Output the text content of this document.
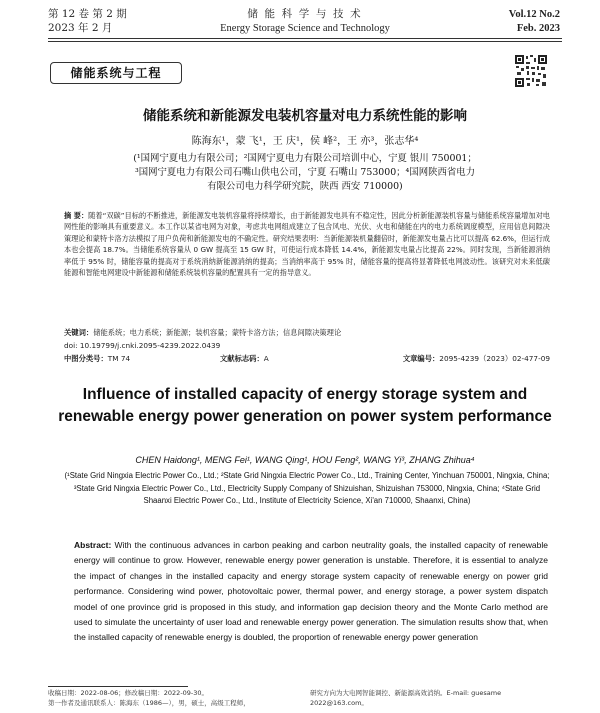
第 12 卷 第 2 期
2023 年 2 月
储 能 科 学 与 技 术
Energy Storage Science and Technology
Vol.12 No.2
Feb. 2023
储能系统与工程
储能系统和新能源发电装机容量对电力系统性能的影响
陈海东¹，蒙 飞¹，王 庆¹，侯 峰²，王 亦³，张志华⁴
(¹国网宁夏电力有限公司；²国网宁夏电力有限公司培训中心，宁夏 银川 750001；
³国网宁夏电力有限公司石嘴山供电公司，宁夏 石嘴山 753000；⁴国网陕西省电力
有限公司电力科学研究院，陕西 西安 710000)
摘 要：随着“双碳”目标的不断推进，新能源发电装机容量将持续增长，由于新能源发电具有不稳定性，因此分析新能源装机容量与储能系统容量增加对电网性能的影响具有重要意义。本工作以某省电网为对象，考虑共电网组成建立了包含风电、光伏、火电和储能在内的电力系统调度模型，应用信息间隙决策理论和蒙特卡洛方法模拟了用户负荷和新能源发电的不确定性。研究结果表明：当新能源装机量翻倍时，新能源发电量占比可以提高 62.6%，但运行成本也会提高 18.7%。当储能系统容量从 0 GW 提高至 15 GW 时，可使运行成本降低 14.4%，新能源发电量占比提高 22%。同时发现，当新能源消纳率低于 95% 时，储能容量的提高对于系统消纳新能源消纳的提高；当消纳率高于 95% 时，储能容量的提高将显著降低电网波动性。该研究对未来低碳能源和智能电网建设中新能源和储能系统装机容量的配置具有一定的指导意义。
关键词：储能系统；电力系统；新能源；装机容量；蒙特卡洛方法；信息间隙决策理论
doi: 10.19799/j.cnki.2095-4239.2022.0439
中图分类号：TM 74	文献标志码：A	文章编号：2095-4239（2023）02-477-09
Influence of installed capacity of energy storage system and renewable energy power generation on power system performance
CHEN Haidong¹, MENG Fei¹, WANG Qing¹, HOU Feng², WANG Yi³, ZHANG Zhihua⁴
(¹State Grid Ningxia Electric Power Co., Ltd.; ²State Grid Ningxia Electric Power Co., Ltd., Training Center, Yinchuan 750001, Ningxia, China; ³State Grid Ningxia Electric Power Co., Ltd., Electricity Supply Company of Shizuishan, Shizuishan 753000, Ningxia, China; ⁴State Grid Shaanxi Electric Power Co., Ltd., Institute of Electricity Science, Xi'an 710000, Shaanxi, China)
Abstract: With the continuous advances in carbon peaking and carbon neutrality goals, the installed capacity of renewable energy will continue to grow. However, renewable energy power generation is unstable. Therefore, it is essential to analyze the impact of changes in the installed capacity and energy storage system capacity of renewable energy on power grid performance. Considering wind power, photovoltaic power, thermal power, and energy storage, a power system dispatch model of one province grid is proposed in this study, and information gap decision theory and the Monte Carlo method are used to simulate the uncertainty of user load and renewable energy power generation. The simulation results show that, when the installed capacity of renewable energy is doubled, the proportion of renewable energy power generation
收稿日期：2022-08-06；修改稿日期：2022-09-30。
第一作者及通讯联系人：陈海东（1986—），男，硕士，高级工程师，
研究方向为大电网智能调控、新能源高效消纳。E-mail: guesame
2022@163.com。
